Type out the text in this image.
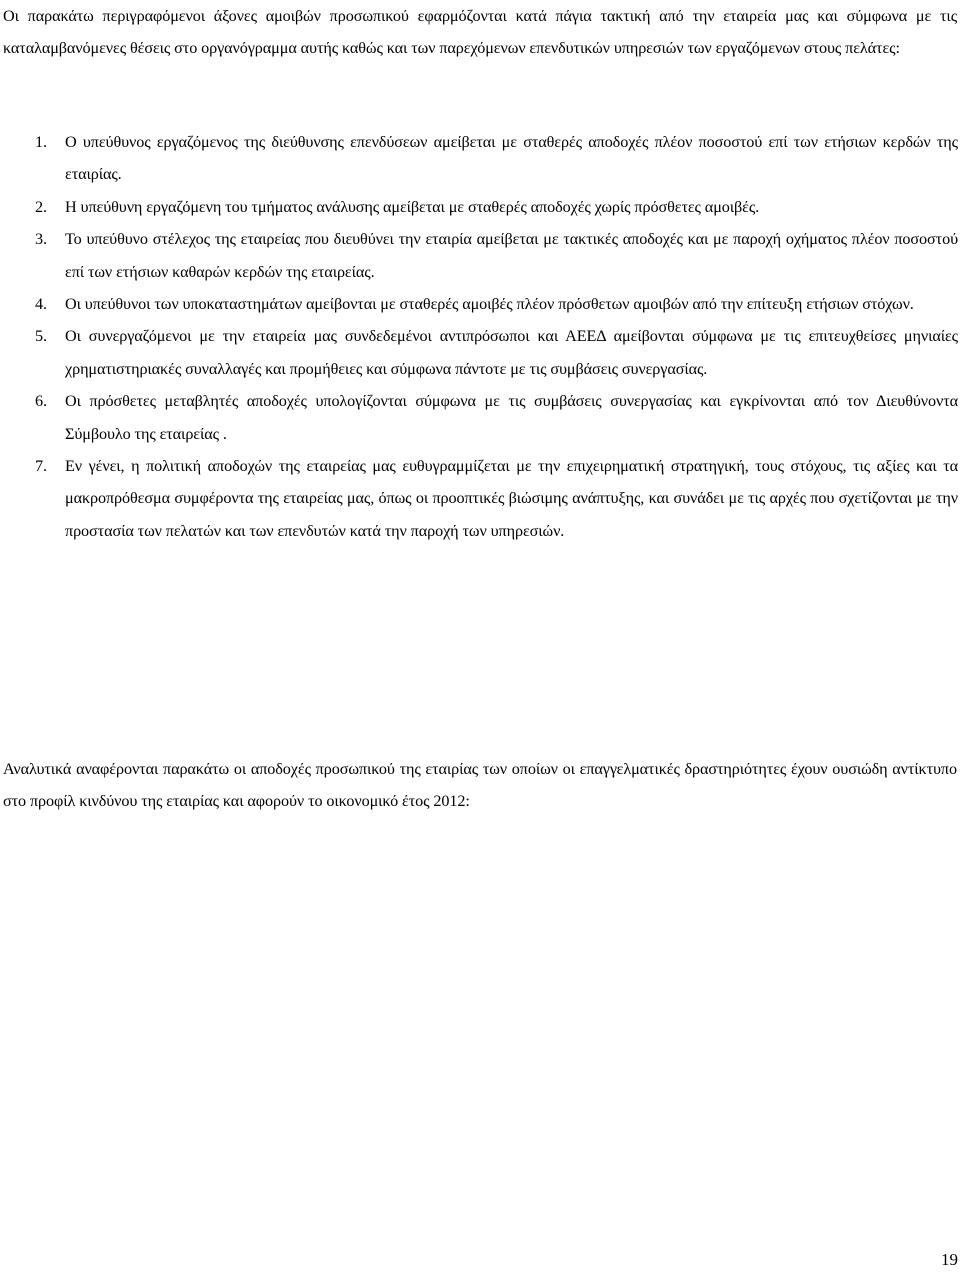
Οι παρακάτω περιγραφόμενοι άξονες αμοιβών προσωπικού εφαρμόζονται κατά πάγια τακτική από την εταιρεία μας και σύμφωνα με τις καταλαμβανόμενες θέσεις στο οργανόγραμμα αυτής καθώς και των παρεχόμενων επενδυτικών υπηρεσιών των εργαζόμενων στους πελάτες:

1. Ο υπεύθυνος εργαζόμενος της διεύθυνσης επενδύσεων αμείβεται με σταθερές αποδοχές πλέον ποσοστού επί των ετήσιων κερδών της εταιρίας.
2. Η υπεύθυνη εργαζόμενη του τμήματος ανάλυσης αμείβεται με σταθερές αποδοχές χωρίς πρόσθετες αμοιβές.
3. Το υπεύθυνο στέλεχος της εταιρείας που διευθύνει την εταιρία αμείβεται με τακτικές αποδοχές και με παροχή οχήματος πλέον ποσοστού επί των ετήσιων καθαρών κερδών της εταιρείας.
4. Οι υπεύθυνοι των υποκαταστημάτων αμείβονται με σταθερές αμοιβές πλέον πρόσθετων αμοιβών από την επίτευξη ετήσιων στόχων.
5. Οι συνεργαζόμενοι με την εταιρεία μας συνδεδεμένοι αντιπρόσωποι και ΑΕΕΔ αμείβονται σύμφωνα με τις επιτευχθείσες μηνιαίες χρηματιστηριακές συναλλαγές και προμήθειες και σύμφωνα πάντοτε με τις συμβάσεις συνεργασίας.
6. Οι πρόσθετες μεταβλητές αποδοχές υπολογίζονται σύμφωνα με τις συμβάσεις συνεργασίας και εγκρίνονται από τον Διευθύνοντα Σύμβουλο της εταιρείας .
7. Εν γένει, η πολιτική αποδοχών της εταιρείας μας ευθυγραμμίζεται με την επιχειρηματική στρατηγική, τους στόχους, τις αξίες και τα μακροπρόθεσμα συμφέροντα της εταιρείας μας, όπως οι προοπτικές βιώσιμης ανάπτυξης, και συνάδει με τις αρχές που σχετίζονται με την προστασία των πελατών και των επενδυτών κατά την παροχή των υπηρεσιών.

Αναλυτικά αναφέρονται παρακάτω οι αποδοχές προσωπικού της εταιρίας των οποίων οι επαγγελματικές δραστηριότητες έχουν ουσιώδη αντίκτυπο στο προφίλ κινδύνου της εταιρίας και αφορούν το οικονομικό έτος 2012:

19
